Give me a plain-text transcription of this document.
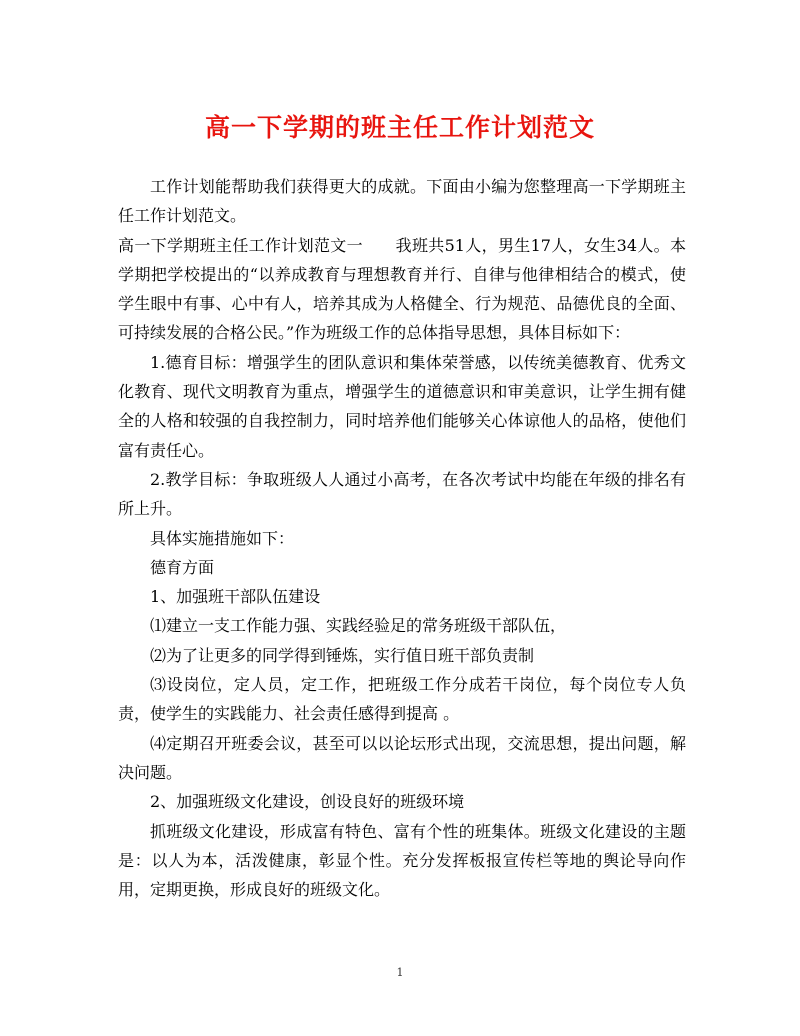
高一下学期的班主任工作计划范文

工作计划能帮助我们获得更大的成就。下面由小编为您整理高一下学期班主任工作计划范文。

高一下学期班主任工作计划范文一　　我班共51人，男生17人，女生34人。本学期把学校提出的“以养成教育与理想教育并行、自律与他律相结合的模式，使学生眼中有事、心中有人，培养其成为人格健全、行为规范、品德优良的全面、可持续发展的合格公民。”作为班级工作的总体指导思想，具体目标如下：

1.德育目标：增强学生的团队意识和集体荣誉感，以传统美德教育、优秀文化教育、现代文明教育为重点，增强学生的道德意识和审美意识，让学生拥有健全的人格和较强的自我控制力，同时培养他们能够关心体谅他人的品格，使他们富有责任心。

2.教学目标：争取班级人人通过小高考，在各次考试中均能在年级的排名有所上升。

具体实施措施如下：

德育方面

1、加强班干部队伍建设

⑴建立一支工作能力强、实践经验足的常务班级干部队伍，

⑵为了让更多的同学得到锤炼，实行值日班干部负责制

⑶设岗位，定人员，定工作，把班级工作分成若干岗位，每个岗位专人负责，使学生的实践能力、社会责任感得到提高 。

⑷定期召开班委会议，甚至可以以论坛形式出现，交流思想，提出问题，解决问题。

2、加强班级文化建设，创设良好的班级环境

抓班级文化建设，形成富有特色、富有个性的班集体。班级文化建设的主题是：以人为本，活泼健康，彰显个性。充分发挥板报宣传栏等地的舆论导向作用，定期更换，形成良好的班级文化。

1
